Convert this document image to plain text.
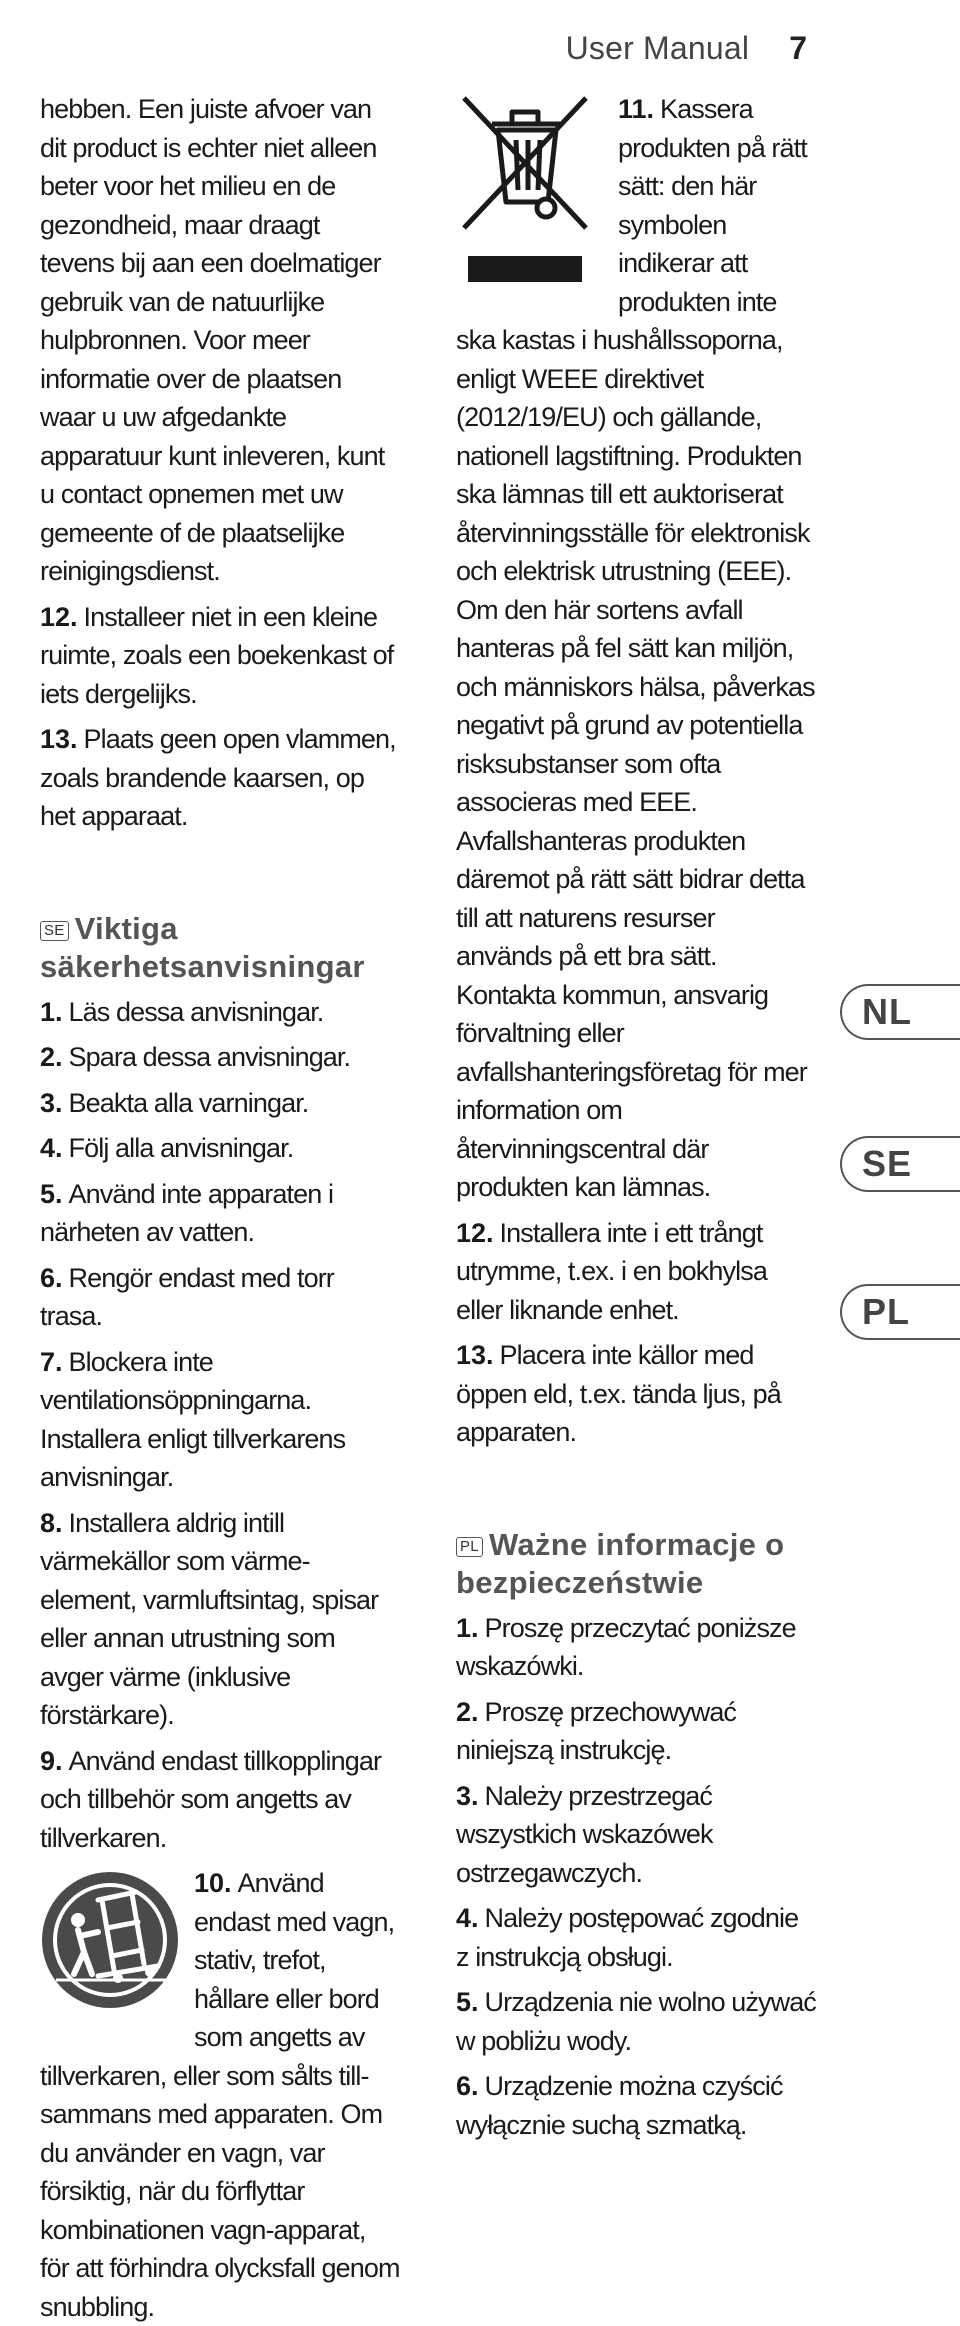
User Manual 7

hebben. Een juiste afvoer van dit product is echter niet alleen beter voor het milieu en de gezondheid, maar draagt tevens bij aan een doelmatiger gebruik van de natuurlijke hulpbronnen. Voor meer informatie over de plaatsen waar u uw afgedankte apparatuur kunt inleveren, kunt u contact opnemen met uw gemeente of de plaatselijke reinigingsdienst.

12. Installeer niet in een kleine ruimte, zoals een boekenkast of iets dergelijks.

13. Plaats geen open vlammen, zoals brandende kaarsen, op het apparaat.

SE Viktiga säkerhetsanvisningar

1. Läs dessa anvisningar.

2. Spara dessa anvisningar.

3. Beakta alla varningar.

4. Följ alla anvisningar.

5. Använd inte apparaten i närheten av vatten.

6. Rengör endast med torr trasa.

7. Blockera inte ventilationsöppningarna. Installera enligt tillverkarens anvisningar.

8. Installera aldrig intill värmekällor som värme-element, varmluftsintag, spisar eller annan utrustning som avger värme (inklusive förstärkare).

9. Använd endast tillkopplingar och tillbehör som angetts av tillverkaren.

10. Använd endast med vagn, stativ, trefot, hållare eller bord som angetts av tillverkaren, eller som sålts till-sammans med apparaten. Om du använder en vagn, var försiktig, när du förflyttar kombinationen vagn-apparat, för att förhindra olycksfall genom snubbling.
11. Kassera produkten på rätt sätt: den här symbolen indikerar att produkten inte ska kastas i hushållssoporna, enligt WEEE direktivet (2012/19/EU) och gällande, nationell lagstiftning. Produkten ska lämnas till ett auktoriserat återvinningsställe för elektronisk och elektrisk utrustning (EEE). Om den här sortens avfall hanteras på fel sätt kan miljön, och människors hälsa, påverkas negativt på grund av potentiella risksubstanser som ofta associeras med EEE. Avfallshanteras produkten däremot på rätt sätt bidrar detta till att naturens resurser används på ett bra sätt. Kontakta kommun, ansvarig förvaltning eller avfallshanteringsföretag för mer information om återvinningscentral där produkten kan lämnas.

12. Installera inte i ett trångt utrymme, t.ex. i en bokhylsa eller liknande enhet.

13. Placera inte källor med öppen eld, t.ex. tända ljus, på apparaten.

PL Ważne informacje o bezpieczeństwie

1. Proszę przeczytać poniższe wskazówki.

2. Proszę przechowywać niniejszą instrukcję.

3. Należy przestrzegać wszystkich wskazówek ostrzegawczych.

4. Należy postępować zgodnie z instrukcją obsługi.

5. Urządzenia nie wolno używać w pobliżu wody.

6. Urządzenie można czyścić wyłącznie suchą szmatką.

NL
SE
PL
